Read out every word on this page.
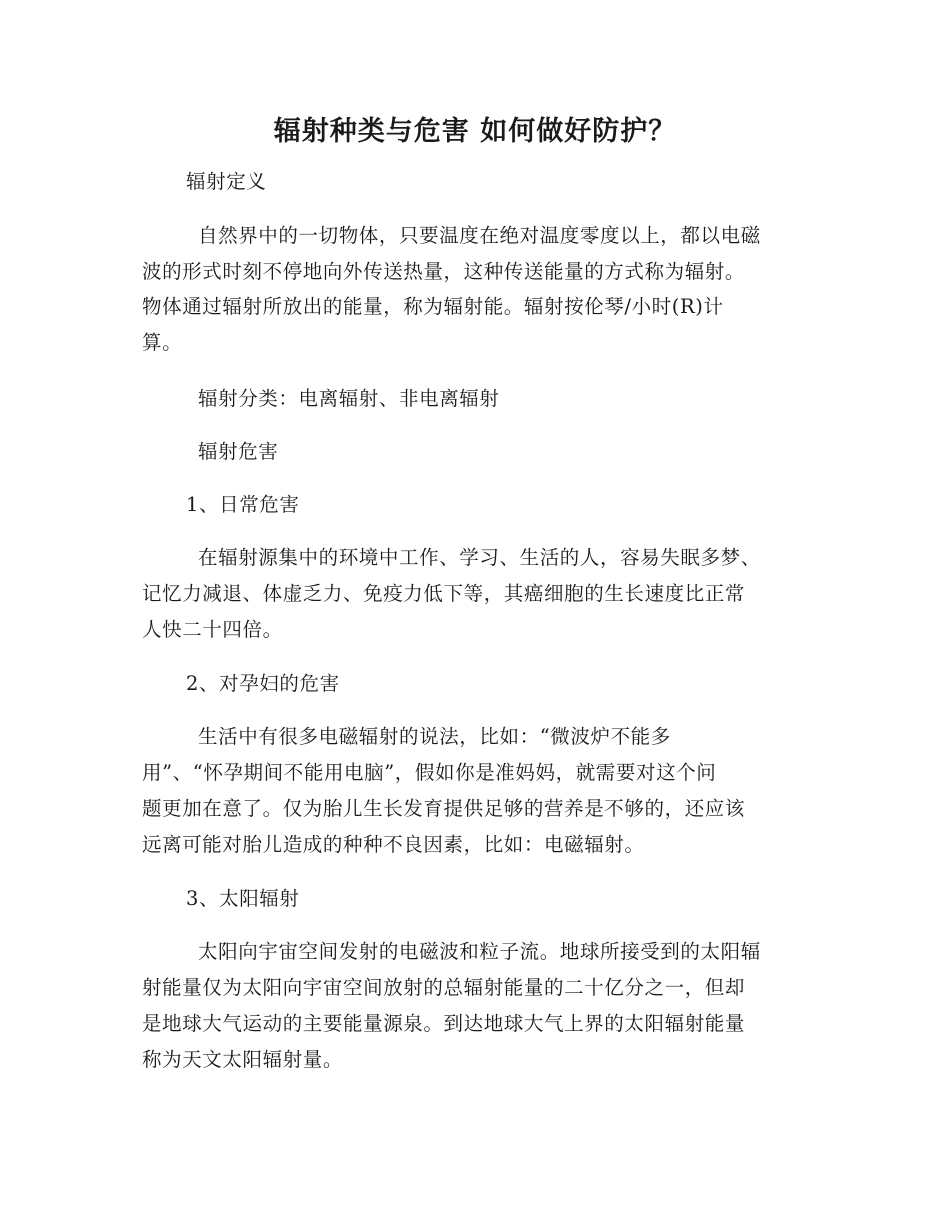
辐射种类与危害 如何做好防护？
辐射定义
自然界中的一切物体，只要温度在绝对温度零度以上，都以电磁
波的形式时刻不停地向外传送热量，这种传送能量的方式称为辐射。
物体通过辐射所放出的能量，称为辐射能。辐射按伦琴/小时(R)计
算。
辐射分类：电离辐射、非电离辐射
辐射危害
1、日常危害
在辐射源集中的环境中工作、学习、生活的人，容易失眠多梦、
记忆力减退、体虚乏力、免疫力低下等，其癌细胞的生长速度比正常
人快二十四倍。
2、对孕妇的危害
生活中有很多电磁辐射的说法，比如：“微波炉不能多
用”、“怀孕期间不能用电脑”，假如你是准妈妈，就需要对这个问
题更加在意了。仅为胎儿生长发育提供足够的营养是不够的，还应该
远离可能对胎儿造成的种种不良因素，比如：电磁辐射。
3、太阳辐射
太阳向宇宙空间发射的电磁波和粒子流。地球所接受到的太阳辐
射能量仅为太阳向宇宙空间放射的总辐射能量的二十亿分之一，但却
是地球大气运动的主要能量源泉。到达地球大气上界的太阳辐射能量
称为天文太阳辐射量。
